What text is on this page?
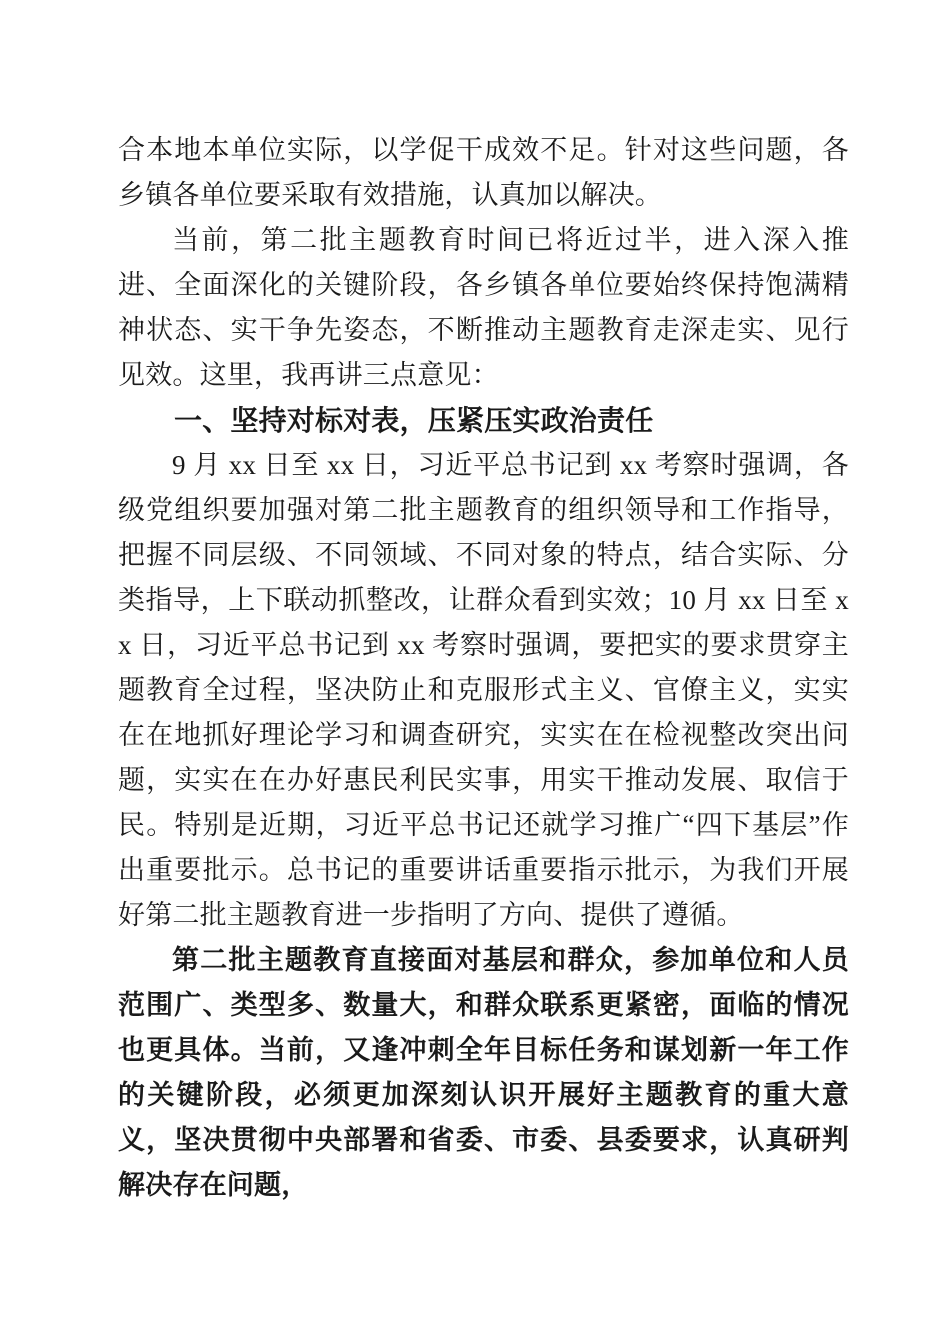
合本地本单位实际，以学促干成效不足。针对这些问题，各乡镇各单位要采取有效措施，认真加以解决。

当前，第二批主题教育时间已将近过半，进入深入推进、全面深化的关键阶段，各乡镇各单位要始终保持饱满精神状态、实干争先姿态，不断推动主题教育走深走实、见行见效。这里，我再讲三点意见：

一、坚持对标对表，压紧压实政治责任

9 月 xx 日至 xx 日，习近平总书记到 xx 考察时强调，各级党组织要加强对第二批主题教育的组织领导和工作指导，把握不同层级、不同领域、不同对象的特点，结合实际、分类指导，上下联动抓整改，让群众看到实效；10 月 xx 日至 xx 日，习近平总书记到 xx 考察时强调，要把实的要求贯穿主题教育全过程，坚决防止和克服形式主义、官僚主义，实实在在地抓好理论学习和调查研究，实实在在检视整改突出问题，实实在在办好惠民利民实事，用实干推动发展、取信于民。特别是近期，习近平总书记还就学习推广“四下基层”作出重要批示。总书记的重要讲话重要指示批示，为我们开展好第二批主题教育进一步指明了方向、提供了遵循。

第二批主题教育直接面对基层和群众，参加单位和人员范围广、类型多、数量大，和群众联系更紧密，面临的情况也更具体。当前，又逢冲刺全年目标任务和谋划新一年工作的关键阶段，必须更加深刻认识开展好主题教育的重大意义，坚决贯彻中央部署和省委、市委、县委要求，认真研判解决存在问题，
